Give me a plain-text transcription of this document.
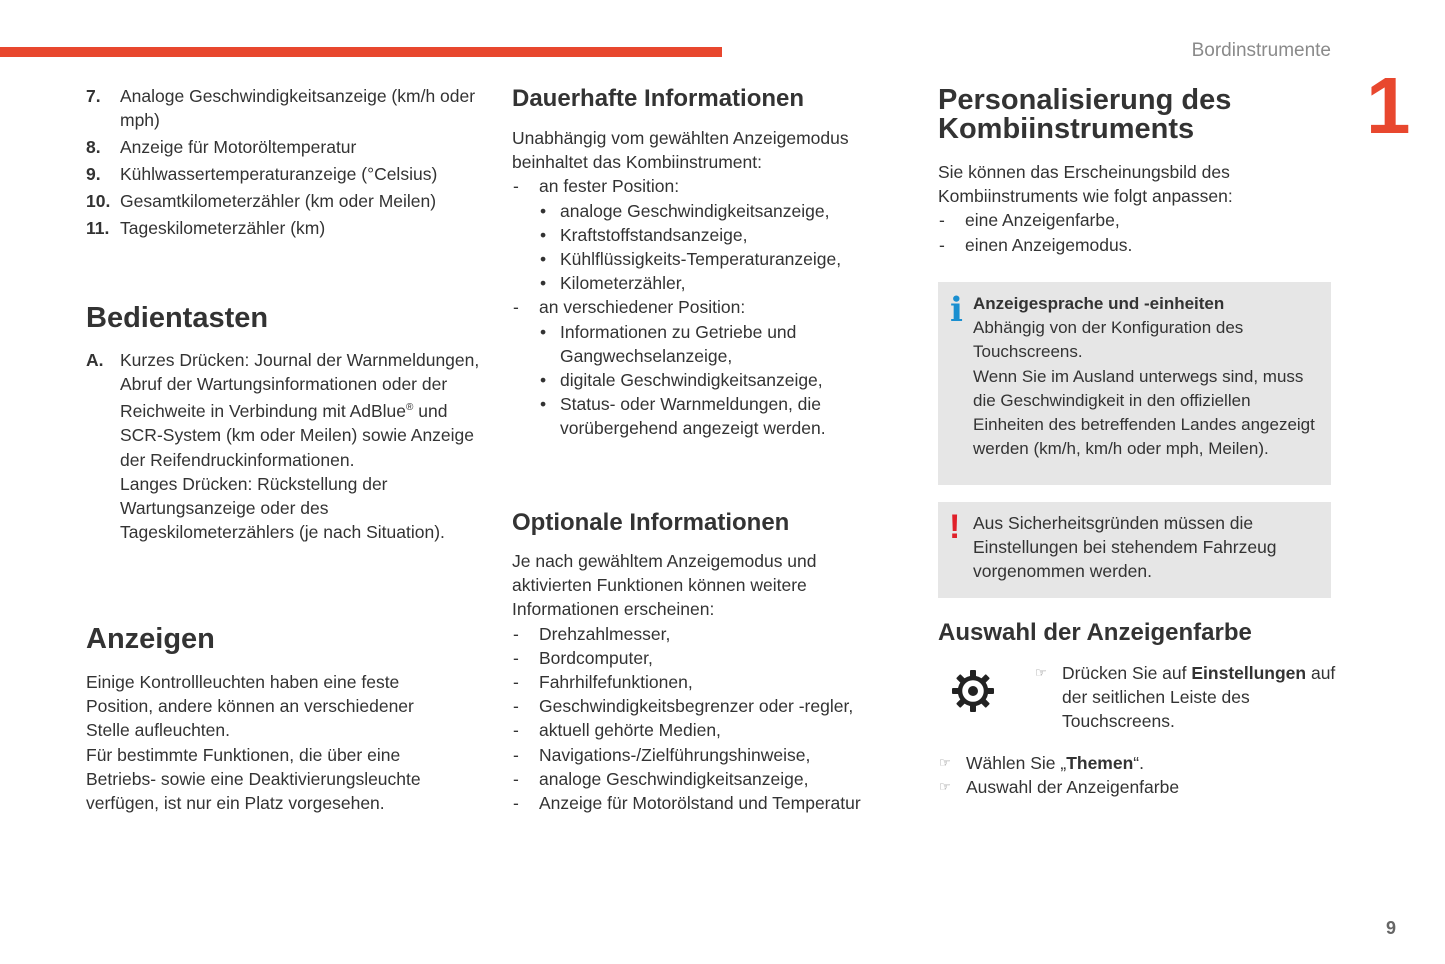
Bordinstrumente
1
9
7. Analoge Geschwindigkeitsanzeige (km/h oder mph)
8. Anzeige für Motoröltemperatur
9. Kühlwassertemperaturanzeige (°Celsius)
10. Gesamtkilometerzähler (km oder Meilen)
11. Tageskilometerzähler (km)
Bedientasten
A. Kurzes Drücken: Journal der Warnmeldungen, Abruf der Wartungsinformationen oder der Reichweite in Verbindung mit AdBlue® und SCR-System (km oder Meilen) sowie Anzeige der Reifendruckinformationen.
Langes Drücken: Rückstellung der Wartungsanzeige oder des Tageskilometerzählers (je nach Situation).
Anzeigen

Einige Kontrollleuchten haben eine feste Position, andere können an verschiedener Stelle aufleuchten.

Für bestimmte Funktionen, die über eine Betriebs- sowie eine Deaktivierungsleuchte verfügen, ist nur ein Platz vorgesehen.

Dauerhafte Informationen

Unabhängig vom gewählten Anzeigemodus beinhaltet das Kombiinstrument:

- an fester Position:
• analoge Geschwindigkeitsanzeige,
• Kraftstoffstandsanzeige,
• Kühlflüssigkeits-Temperaturanzeige,
• Kilometerzähler,
- an verschiedener Position:
• Informationen zu Getriebe und Gangwechselanzeige,
• digitale Geschwindigkeitsanzeige,
• Status- oder Warnmeldungen, die vorübergehend angezeigt werden.
Optionale Informationen

Je nach gewähltem Anzeigemodus und aktivierten Funktionen können weitere Informationen erscheinen:

- Drehzahlmesser,
- Bordcomputer,
- Fahrhilfefunktionen,
- Geschwindigkeitsbegrenzer oder -regler,
- aktuell gehörte Medien,
- Navigations-/Zielführungshinweise,
- analoge Geschwindigkeitsanzeige,
- Anzeige für Motorölstand und Temperatur
Personalisierung des
Kombiinstruments

Sie können das Erscheinungsbild des Kombiinstruments wie folgt anpassen:

- eine Anzeigenfarbe,
- einen Anzeigemodus.
i Anzeigesprache und -einheiten
Abhängig von der Konfiguration des Touchscreens.
Wenn Sie im Ausland unterwegs sind, muss die Geschwindigkeit in den offiziellen Einheiten des betreffenden Landes angezeigt werden (km/h, km/h oder mph, Meilen).
! Aus Sicherheitsgründen müssen die Einstellungen bei stehendem Fahrzeug vorgenommen werden.
Auswahl der Anzeigenfarbe
☞ Drücken Sie auf Einstellungen auf der seitlichen Leiste des Touchscreens.
☞ Wählen Sie „Themen“.
☞ Auswahl der Anzeigenfarbe
